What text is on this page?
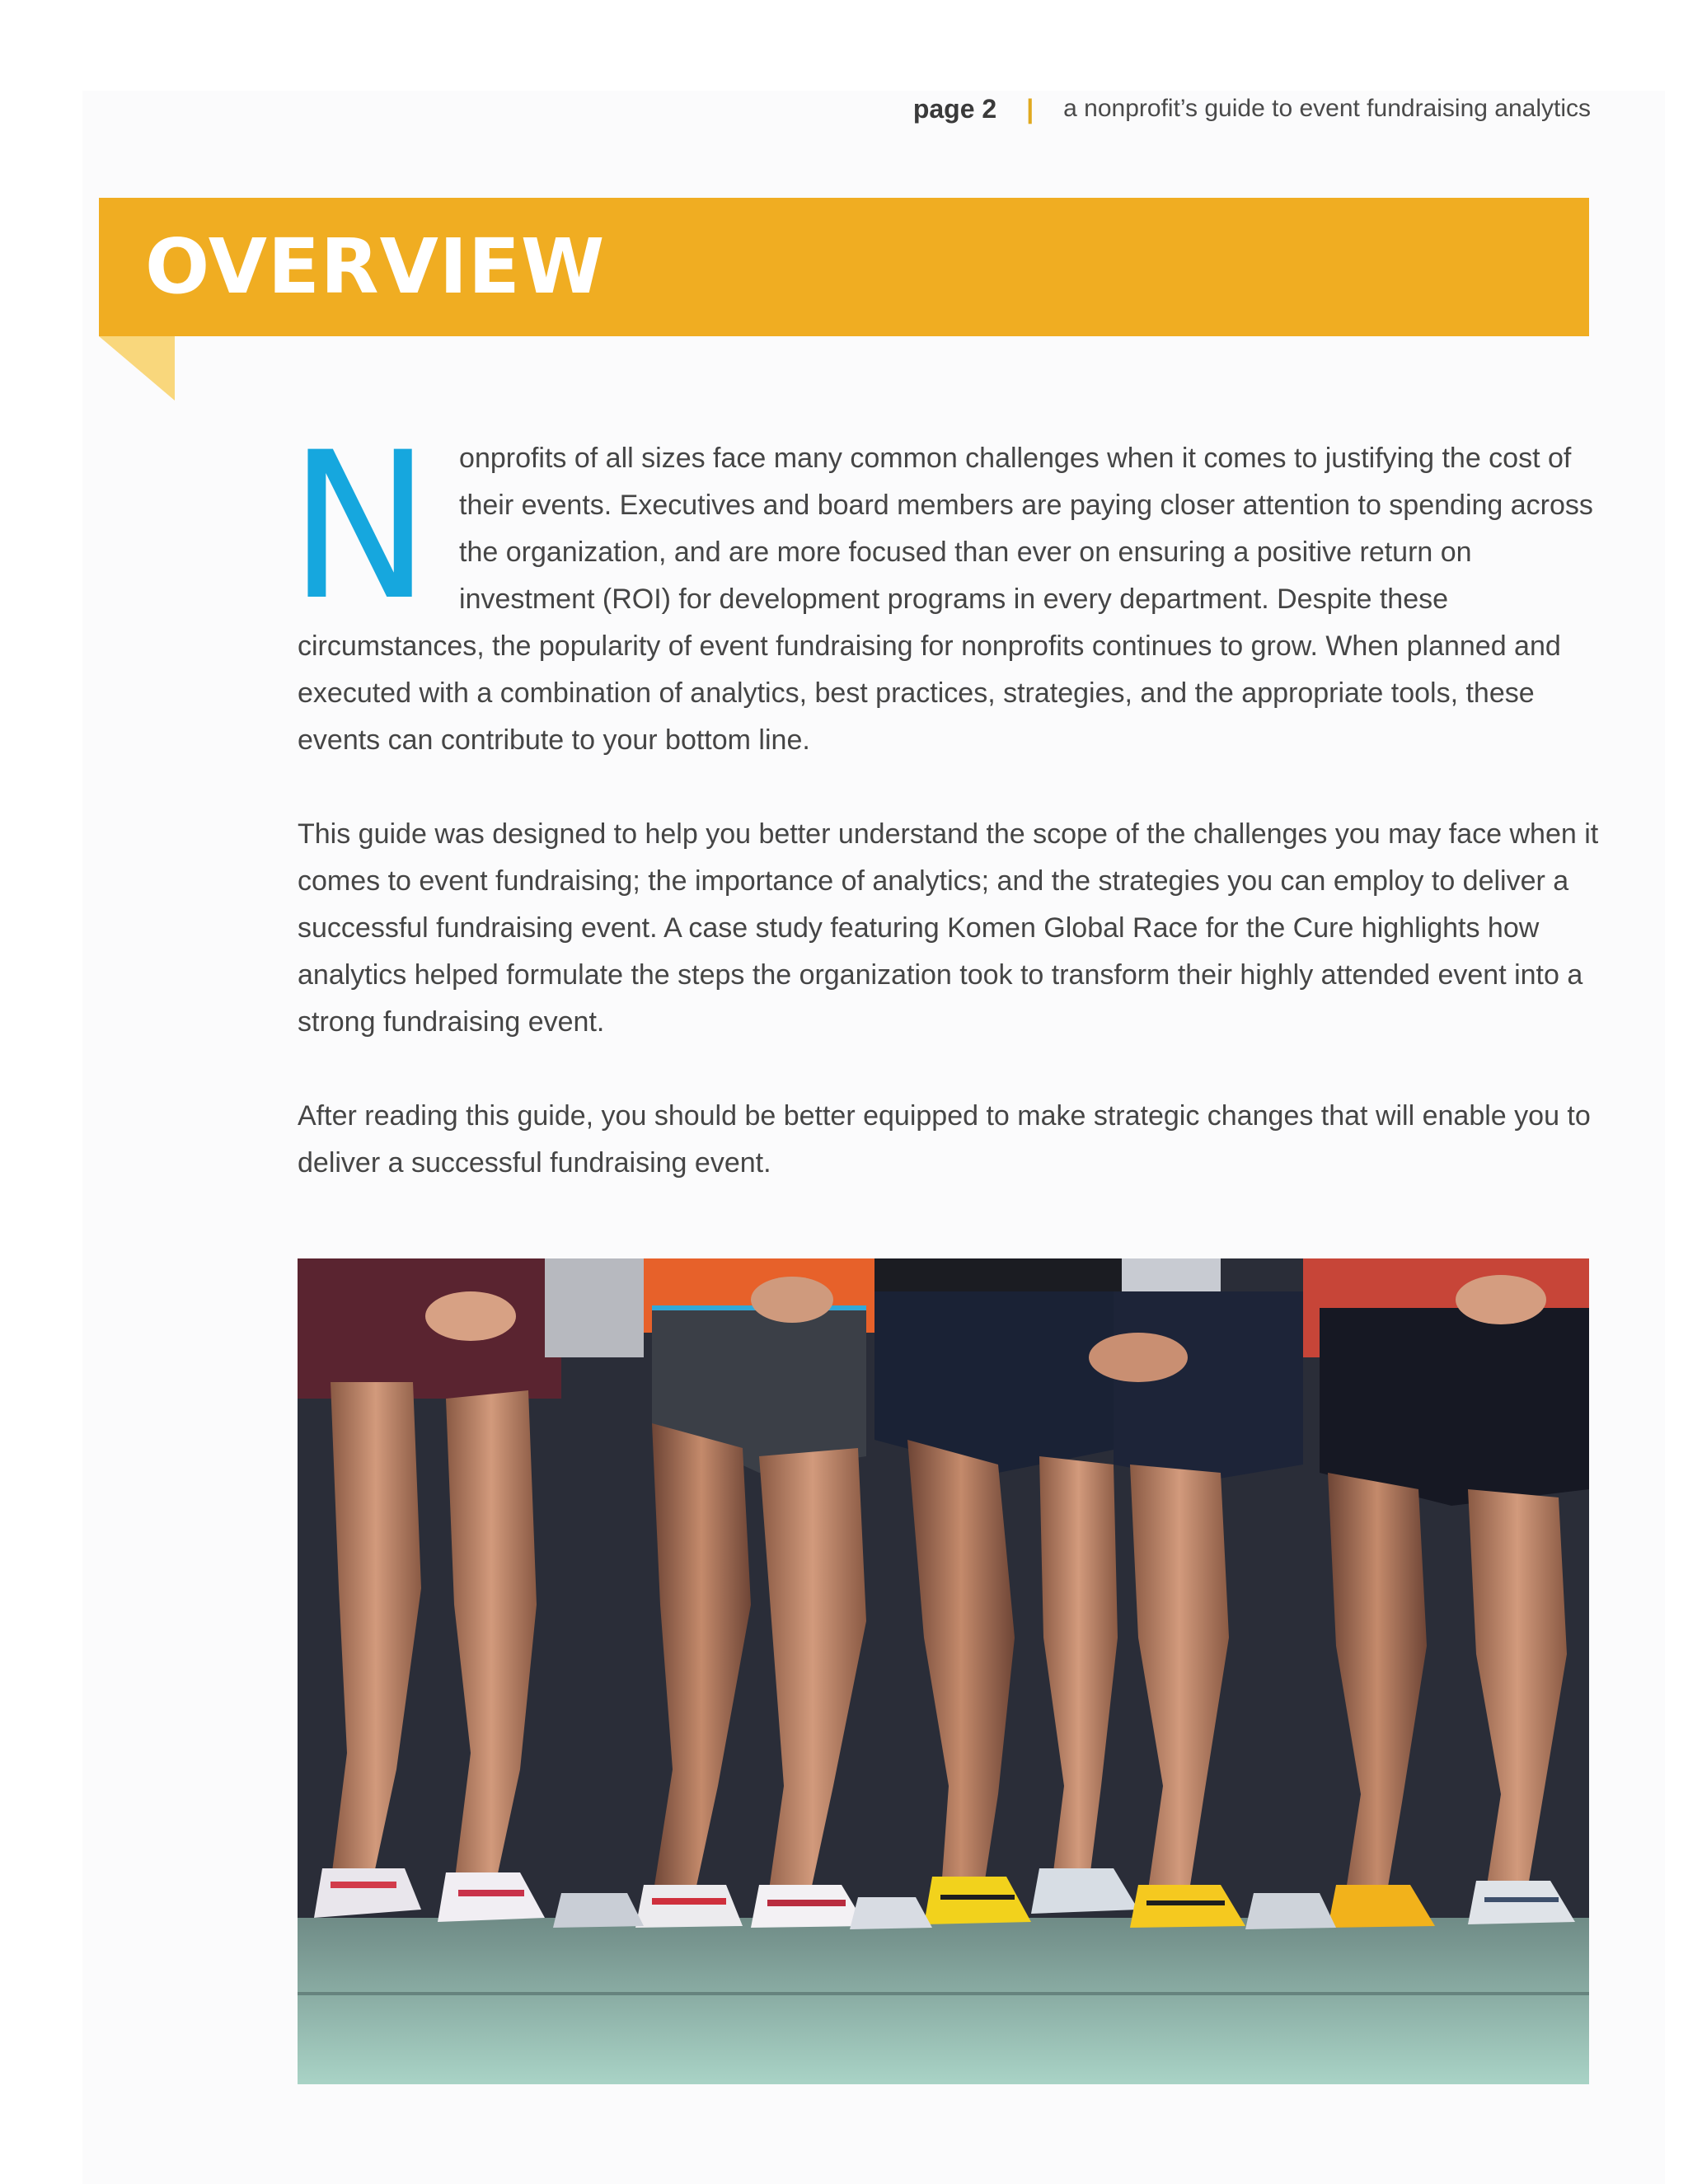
page 2 | a nonprofit’s guide to event fundraising analytics
OVERVIEW

N onprofits of all sizes face many common challenges when it comes to justifying the cost of their events. Executives and board members are paying closer attention to spending across the organization, and are more focused than ever on ensuring a positive return on investment (ROI) for development programs in every department. Despite these circumstances, the popularity of event fundraising for nonprofits continues to grow. When planned and executed with a combination of analytics, best practices, strategies, and the appropriate tools, these events can contribute to your bottom line.

This guide was designed to help you better understand the scope of the challenges you may face when it comes to event fundraising; the importance of analytics; and the strategies you can employ to deliver a successful fundraising event. A case study featuring Komen Global Race for the Cure highlights how analytics helped formulate the steps the organization took to transform their highly attended event into a strong fundraising event.

After reading this guide, you should be better equipped to make strategic changes that will enable you to deliver a successful fundraising event.
